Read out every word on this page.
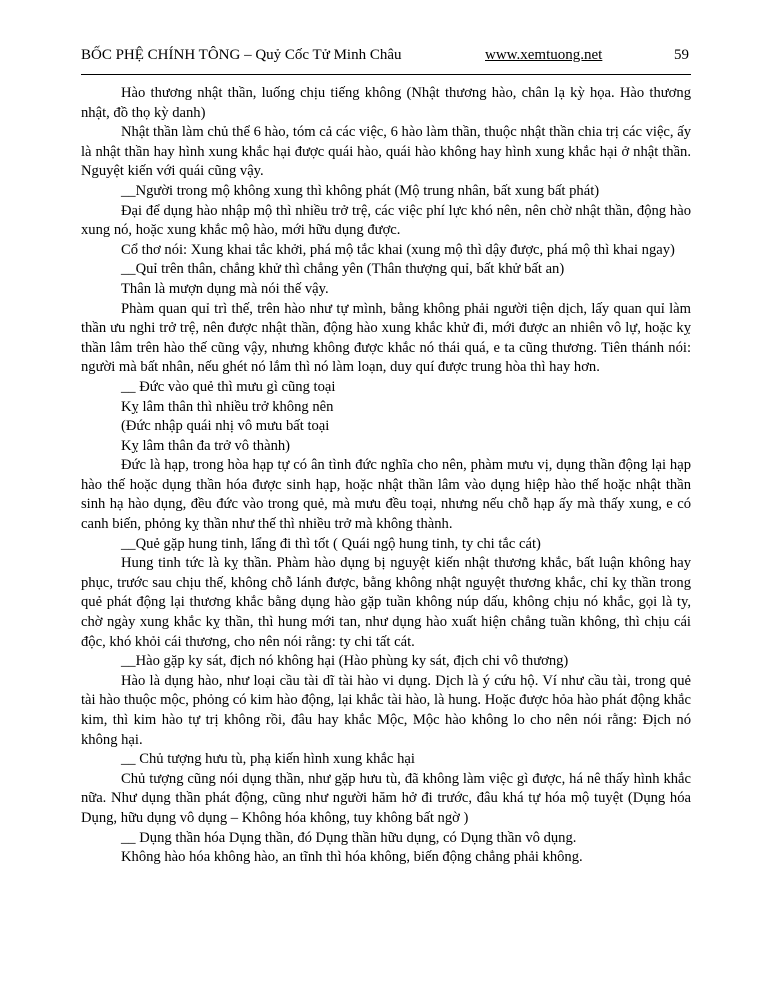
BỐC PHỆ CHÍNH TÔNG – Quỷ Cốc Tử Minh Châu	www.xemtuong.net	59

Hào thương nhật thần, luống chịu tiếng không (Nhật thương hào, chân lạ kỳ họa. Hào thương nhật, đồ thọ kỳ danh)

Nhật thần làm chủ thể 6 hào, tóm cả các việc, 6 hào làm thần, thuộc nhật thần chia trị các việc, ấy là nhật thần hay hình xung khắc hại được quái hào, quái hào không hay hình xung khắc hại ở nhật thần. Nguyệt kiến với quái cũng vậy.

__Người trong mộ không xung thì không phát (Mộ trung nhân, bất xung bất phát)

Đại để dụng hào nhập mộ thì nhiều trở trệ, các việc phí lực khó nên, nên chờ nhật thần, động hào xung nó, hoặc xung khắc mộ hào, mới hữu dụng được.

Cổ thơ nói: Xung khai tắc khởi, phá mộ tắc khai (xung mộ thì dậy được, phá mộ thì khai ngay)

__Quỉ trên thân, chẳng khử thì chẳng yên (Thân thượng quỉ, bất khử bất an)

Thân là mượn dụng mà nói thế vậy.

Phàm quan quỉ trì thế, trên hào như tự mình, bằng không phải người tiện dịch, lấy quan quỉ làm thần ưu nghi trở trệ, nên được nhật thần, động hào xung khắc khử đi, mới được an nhiên vô lự, hoặc kỵ thần lâm trên hào thế cũng vậy, nhưng không được khắc nó thái quá, e ta cũng thương. Tiên thánh nói: người mà bất nhân, nếu ghét nó lắm thì nó làm loạn, duy quí được trung hòa thì hay hơn.

__ Đức vào quẻ thì mưu gì cũng toại

Kỵ lâm thân thì nhiều trở không nên

(Đức nhập quái nhị vô mưu bất toại

Kỵ lâm thân đa trở vô thành)

Đức là hạp, trong hòa hạp tự có ân tình đức nghĩa cho nên, phàm mưu vị, dụng thần động lại hạp hào thế hoặc dụng thần hóa được sinh hạp, hoặc nhật thần lâm vào dụng hiệp hào thế hoặc nhật thần sinh hạ hào dụng, đều đức vào trong quẻ, mà mưu đều toại, nhưng nếu chỗ hạp ấy mà thấy xung, e có canh biến, phỏng kỵ thần như thế thì nhiều trở mà không thành.

__Quẻ gặp hung tinh, lẩng đi thì tốt ( Quái ngộ hung tinh, ty chi tắc cát)

Hung tinh tức là kỵ thần. Phàm hào dụng bị nguyệt kiến nhật thương khắc, bất luận không hay phục, trước sau chịu thế, không chỗ lánh được, bằng không nhật nguyệt thương khắc, chỉ kỵ thần trong quẻ phát động lại thương khắc bằng dụng hào gặp tuần không núp dấu, không chịu nó khắc, gọi là ty, chờ ngày xung khắc kỵ thần, thì hung mới tan, như dụng hào xuất hiện chẳng tuần không, thì chịu cái độc, khó khỏi cái thương, cho nên nói rằng: ty chi tất cát.

__Hào gặp ky sát, địch nó không hại (Hào phùng ky sát, địch chi vô thương)

Hào là dụng hào, như loại cầu tài dĩ tài hào vi dụng. Dịch là ý cứu hộ. Ví như cầu tài, trong quẻ tài hào thuộc mộc, phỏng có kim hào động, lại khắc tài hào, là hung. Hoặc được hỏa hào phát động khắc kim, thì kim hào tự trị không rồi, đâu hay khắc Mộc, Mộc hào không lo cho nên nói rằng: Địch nó không hại.

__ Chủ tượng hưu tù, phạ kiến hình xung khắc hại

Chủ tượng cũng nói dụng thần, như gặp hưu tù, đã không làm việc gì được, há nê thấy hình khắc nữa. Như dụng thần phát động, cũng như người hăm hở đi trước, đâu khá tự hóa mộ tuyệt (Dụng hóa Dụng, hữu dụng vô dụng – Không hóa không, tuy không bất ngờ )

__ Dụng thần hóa Dụng thần, đó Dụng thần hữu dụng, có Dụng thần vô dụng.

Không hào hóa không hào, an tĩnh thì hóa không, biến động chẳng phải không.
